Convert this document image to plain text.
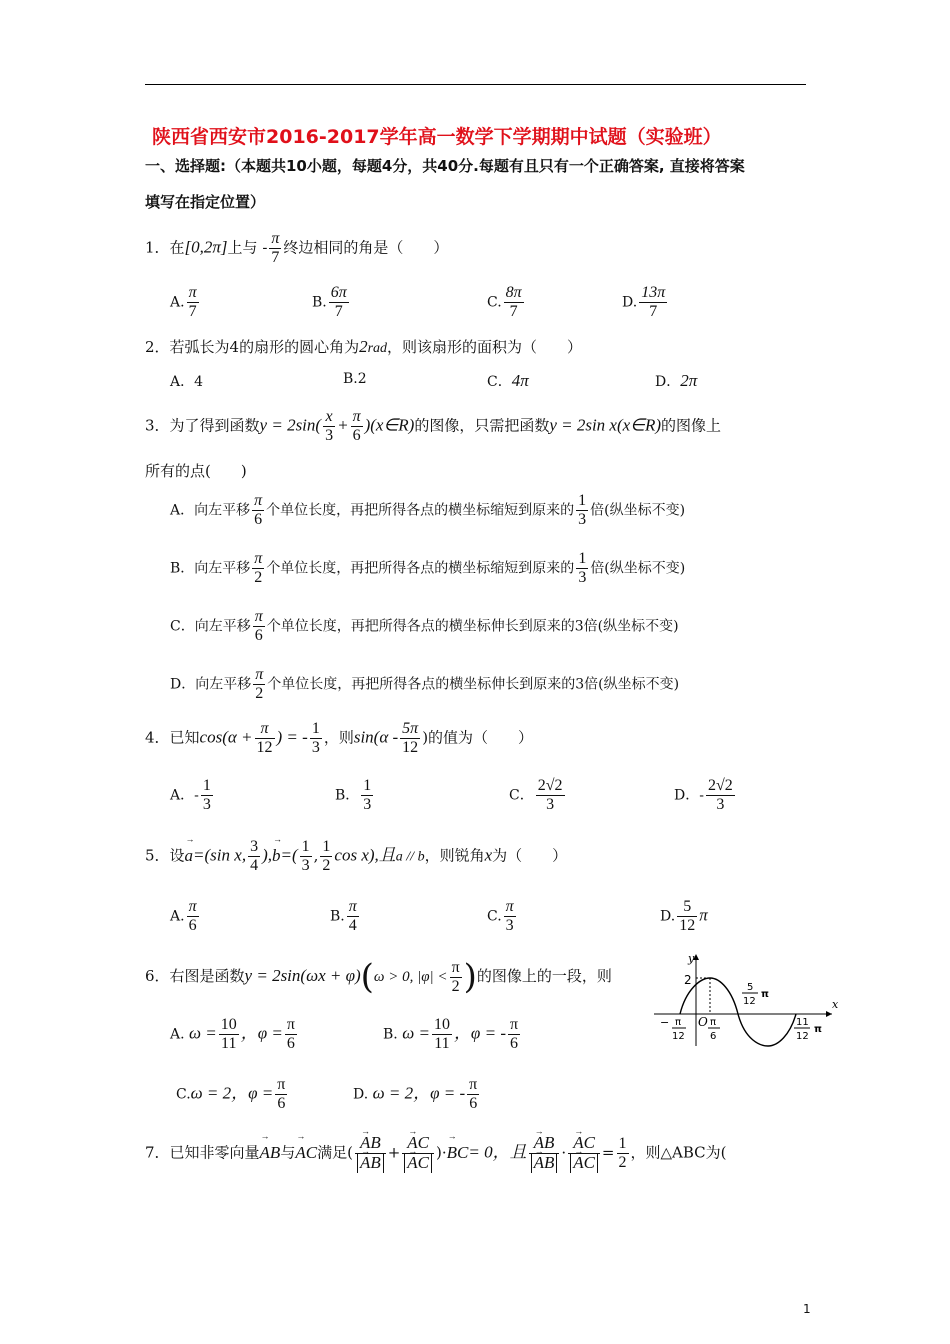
陕西省西安市2016-2017学年高一数学下学期期中试题（实验班）
一、选择题:（本题共10小题，每题4分，共40分.每题有且只有一个正确答案, 直接将答案
填写在指定位置）
1．在[0,2π]上与 - $\frac{\pi}{7}$ 终边相同的角是（　　）
A. $\frac{\pi}{7}$	B. $\frac{6\pi}{7}$	C. $\frac{8\pi}{7}$	D. $\frac{13\pi}{7}$
2．若弧长为4的扇形的圆心角为2rad，则该扇形的面积为（　　）
A．4	B.2	C．4π	D．2π
3．为了得到函数$y = 2\sin( \frac{x}{3} + \frac{\pi}{6}$ )(x∈R)的图像，只需把函数y = 2sin x(x∈R)的图像上
所有的点(　　)
A．向左平移 $\frac{\pi}{6}$ 个单位长度，再把所得各点的横坐标缩短到原来的 $\frac{1}{3}$ 倍(纵坐标不变)
B．向左平移 $\frac{\pi}{2}$ 个单位长度，再把所得各点的横坐标缩短到原来的 $\frac{1}{3}$ 倍(纵坐标不变)
C．向左平移 $\frac{\pi}{6}$ 个单位长度，再把所得各点的横坐标伸长到原来的3倍(纵坐标不变)
D．向左平移 $\frac{\pi}{2}$ 个单位长度，再把所得各点的横坐标伸长到原来的3倍(纵坐标不变)
4．已知$\cos(\alpha + \frac{\pi}{12}$ ) = - $\frac{1}{3}$ ，则$\sin(\alpha - \frac{5\pi}{12}$ )的值为（　　）
A．- $\frac{1}{3}$	B． $\frac{1}{3}$	C． $\frac{2√2}{3}$	D．- $\frac{2√2}{3}$
5．设→ a=(sin x, $\frac{3}{4}$ ),→ $b=( \frac{1}{3}$ , $\frac{1}{2}$ cos x),且a // b，则锐角x为（　　）
A. $\frac{\pi}{6}$	B. $\frac{\pi}{4}$	C. $\frac{\pi}{3}$	D. $\frac{5}{12}$ π
6．右图是函数y = 2sin(ωx + φ)(ω > 0, $|\varphi| < \frac{\pi}{2}$ )的图像上的一段，则
A. $\omega = \frac{10}{11}$ ，$\varphi = \frac{\pi}{6}$	B. $\omega = \frac{10}{11}$ ，φ = - $\frac{\pi}{6}$
C.ω = 2，$\varphi = \frac{\pi}{6}$	D. ω = 2，φ = - $\frac{\pi}{6}$
y
x
2
O
− π
12
π
6
5
12
π
11
12
π
7．已知非零向量→ AB与→ AC满足( → AB
→ AB + → AC
→ AC )·→ BC= 0，且 → AB
→ AB · → AC
→ AC = $\frac{1}{2}$ ，则△ABC为(
1
